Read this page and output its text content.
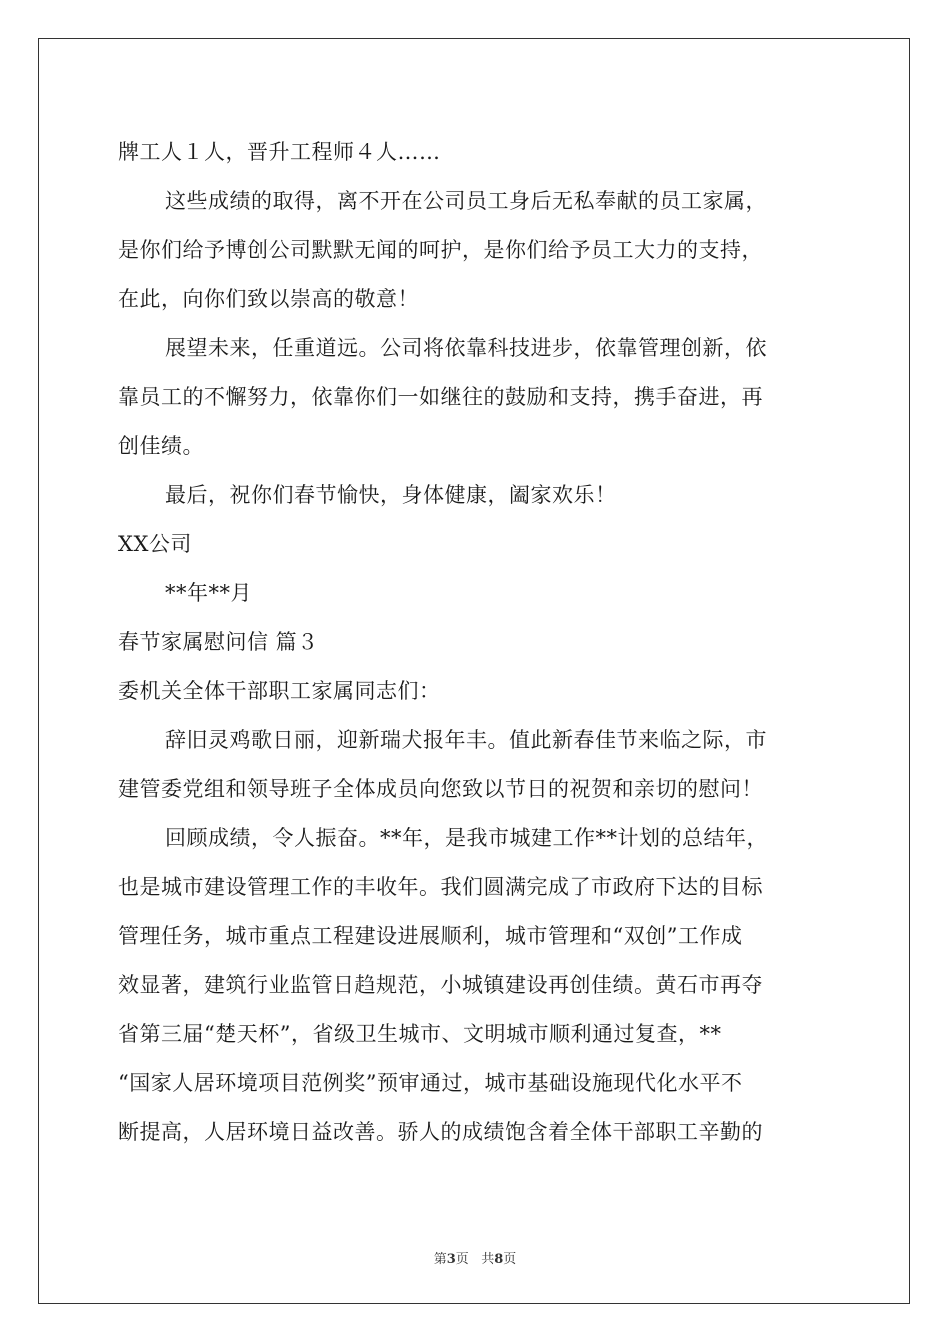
牌工人１人，晋升工程师４人……
这些成绩的取得，离不开在公司员工身后无私奉献的员工家属，
是你们给予博创公司默默无闻的呵护，是你们给予员工大力的支持，
在此，向你们致以崇高的敬意！
展望未来，任重道远。公司将依靠科技进步，依靠管理创新，依
靠员工的不懈努力，依靠你们一如继往的鼓励和支持，携手奋进，再
创佳绩。
最后，祝你们春节愉快，身体健康，阖家欢乐！
XX公司
**年**月
春节家属慰问信 篇３
委机关全体干部职工家属同志们：
辞旧灵鸡歌日丽，迎新瑞犬报年丰。值此新春佳节来临之际，市
建管委党组和领导班子全体成员向您致以节日的祝贺和亲切的慰问！
回顾成绩，令人振奋。**年，是我市城建工作**计划的总结年，
也是城市建设管理工作的丰收年。我们圆满完成了市政府下达的目标
管理任务，城市重点工程建设进展顺利，城市管理和“双创”工作成
效显著，建筑行业监管日趋规范，小城镇建设再创佳绩。黄石市再夺
省第三届“楚天杯”，省级卫生城市、文明城市顺利通过复查，**
“国家人居环境项目范例奖”预审通过，城市基础设施现代化水平不
断提高，人居环境日益改善。骄人的成绩饱含着全体干部职工辛勤的
第3页 共8页
